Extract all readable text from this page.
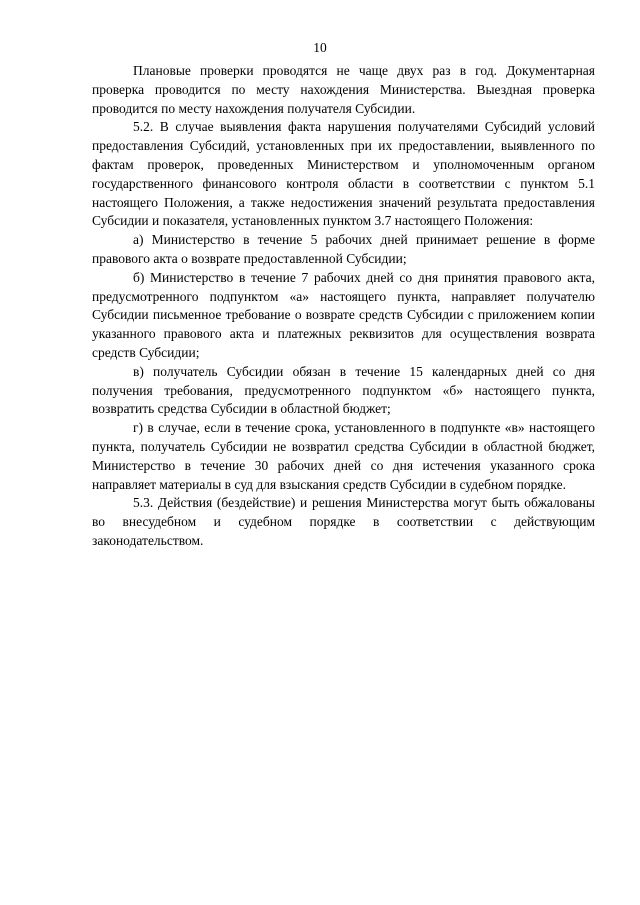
10

Плановые проверки проводятся не чаще двух раз в год. Документарная проверка проводится по месту нахождения Министерства. Выездная проверка проводится по месту нахождения получателя Субсидии.

5.2. В случае выявления факта нарушения получателями Субсидий условий предоставления Субсидий, установленных при их предоставлении, выявленного по фактам проверок, проведенных Министерством и уполномоченным органом государственного финансового контроля области в соответствии с пунктом 5.1 настоящего Положения, а также недостижения значений результата предоставления Субсидии и показателя, установленных пунктом 3.7 настоящего Положения:

а) Министерство в течение 5 рабочих дней принимает решение в форме правового акта о возврате предоставленной Субсидии;

б) Министерство в течение 7 рабочих дней со дня принятия правового акта, предусмотренного подпунктом «а» настоящего пункта, направляет получателю Субсидии письменное требование о возврате средств Субсидии с приложением копии указанного правового акта и платежных реквизитов для осуществления возврата средств Субсидии;

в) получатель Субсидии обязан в течение 15 календарных дней со дня получения требования, предусмотренного подпунктом «б» настоящего пункта, возвратить средства Субсидии в областной бюджет;

г) в случае, если в течение срока, установленного в подпункте «в» настоящего пункта, получатель Субсидии не возвратил средства Субсидии в областной бюджет, Министерство в течение 30 рабочих дней со дня истечения указанного срока направляет материалы в суд для взыскания средств Субсидии в судебном порядке.

5.3. Действия (бездействие) и решения Министерства могут быть обжалованы во внесудебном и судебном порядке в соответствии с действующим законодательством.
